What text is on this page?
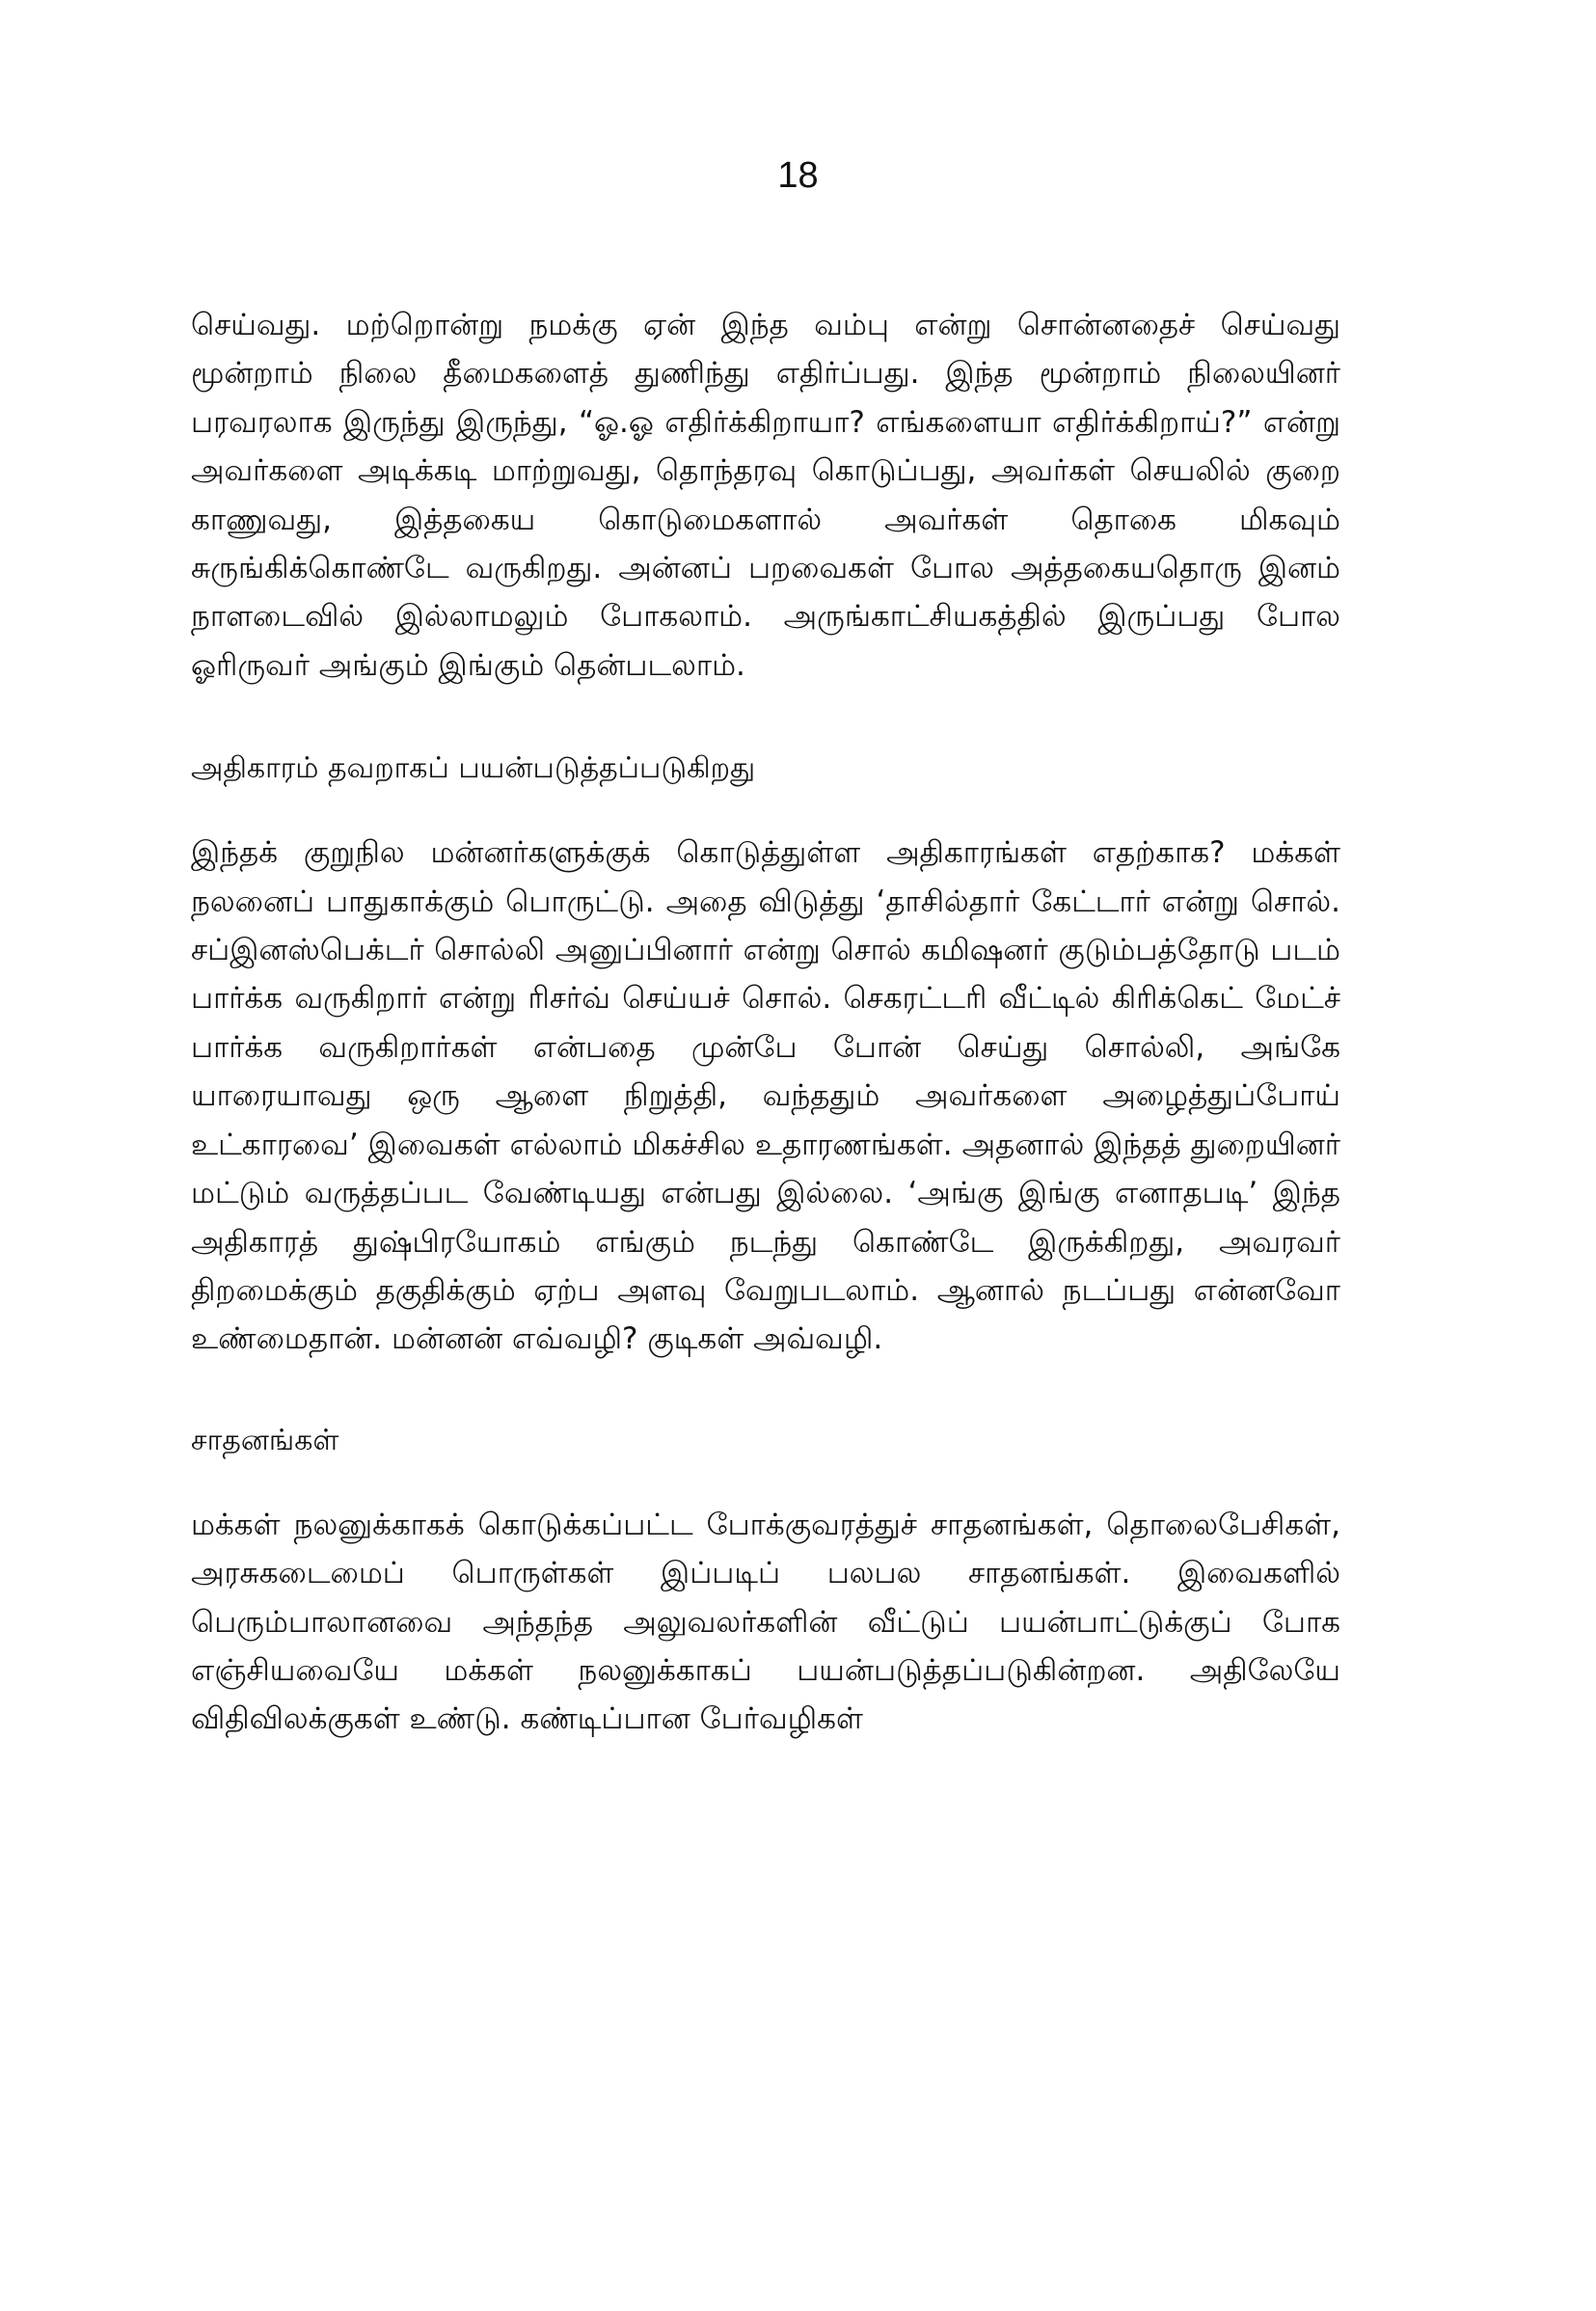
18

செய்வது. மற்றொன்று நமக்கு ஏன் இந்த வம்பு என்று சொன்னதைச் செய்வது மூன்றாம் நிலை தீமைகளைத் துணிந்து எதிர்ப்பது. இந்த மூன்றாம் நிலையினர் பரவரலாக இருந்து இருந்து, “ஓ.ஓ எதிர்க்கிறாயா? எங்களையா எதிர்க்கிறாய்?” என்று அவர்களை அடிக்கடி மாற்றுவது, தொந்தரவு கொடுப்பது, அவர்கள் செயலில் குறை காணுவது, இத்தகைய கொடுமைகளால் அவர்கள் தொகை மிகவும் சுருங்கிக்கொண்டே வருகிறது. அன்னப் பறவைகள் போல அத்தகையதொரு இனம் நாளடைவில் இல்லாமலும் போகலாம். அருங்காட்சியகத்தில் இருப்பது போல ஓரிருவர் அங்கும் இங்கும் தென்படலாம்.

அதிகாரம் தவறாகப் பயன்படுத்தப்படுகிறது

இந்தக் குறுநில மன்னர்களுக்குக் கொடுத்துள்ள அதிகாரங்கள் எதற்காக? மக்கள் நலனைப் பாதுகாக்கும் பொருட்டு. அதை விடுத்து ‘தாசில்தார் கேட்டார் என்று சொல். சப்இனஸ்பெக்டர் சொல்லி அனுப்பினார் என்று சொல் கமிஷனர் குடும்பத்தோடு படம் பார்க்க வருகிறார் என்று ரிசர்வ் செய்யச் சொல். செகரட்டரி வீட்டில் கிரிக்கெட் மேட்ச் பார்க்க வருகிறார்கள் என்பதை முன்பே போன் செய்து சொல்லி, அங்கே யாரையாவது ஒரு ஆளை நிறுத்தி, வந்ததும் அவர்களை அழைத்துப்போய் உட்காரவை’ இவைகள் எல்லாம் மிகச்சில உதாரணங்கள். அதனால் இந்தத் துறையினர் மட்டும் வருத்தப்பட வேண்டியது என்பது இல்லை. ‘அங்கு இங்கு எனாதபடி’ இந்த அதிகாரத் துஷ்பிரயோகம் எங்கும் நடந்து கொண்டே இருக்கிறது, அவரவர் திறமைக்கும் தகுதிக்கும் ஏற்ப அளவு வேறுபடலாம். ஆனால் நடப்பது என்னவோ உண்மைதான். மன்னன் எவ்வழி? குடிகள் அவ்வழி.

சாதனங்கள்

மக்கள் நலனுக்காகக் கொடுக்கப்பட்ட போக்குவரத்துச் சாதனங்கள், தொலைபேசிகள், அரசுகடைமைப் பொருள்கள் இப்படிப் பலபல சாதனங்கள். இவைகளில் பெரும்பாலானவை அந்தந்த அலுவலர்களின் வீட்டுப் பயன்பாட்டுக்குப் போக எஞ்சியவையே மக்கள் நலனுக்காகப் பயன்படுத்தப்படுகின்றன. அதிலேயே விதிவிலக்குகள் உண்டு. கண்டிப்பான பேர்வழிகள்
